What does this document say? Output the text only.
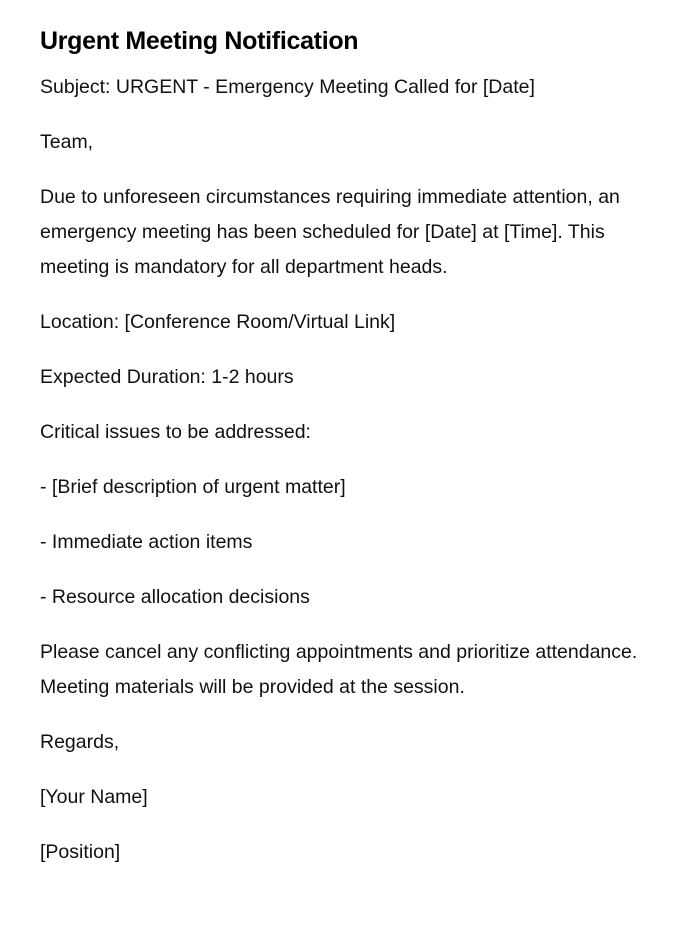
Urgent Meeting Notification

Subject: URGENT - Emergency Meeting Called for [Date]

Team,

Due to unforeseen circumstances requiring immediate attention, an emergency meeting has been scheduled for [Date] at [Time]. This meeting is mandatory for all department heads.

Location: [Conference Room/Virtual Link]

Expected Duration: 1-2 hours

Critical issues to be addressed:

- [Brief description of urgent matter]

- Immediate action items

- Resource allocation decisions

Please cancel any conflicting appointments and prioritize attendance. Meeting materials will be provided at the session.

Regards,

[Your Name]

[Position]
